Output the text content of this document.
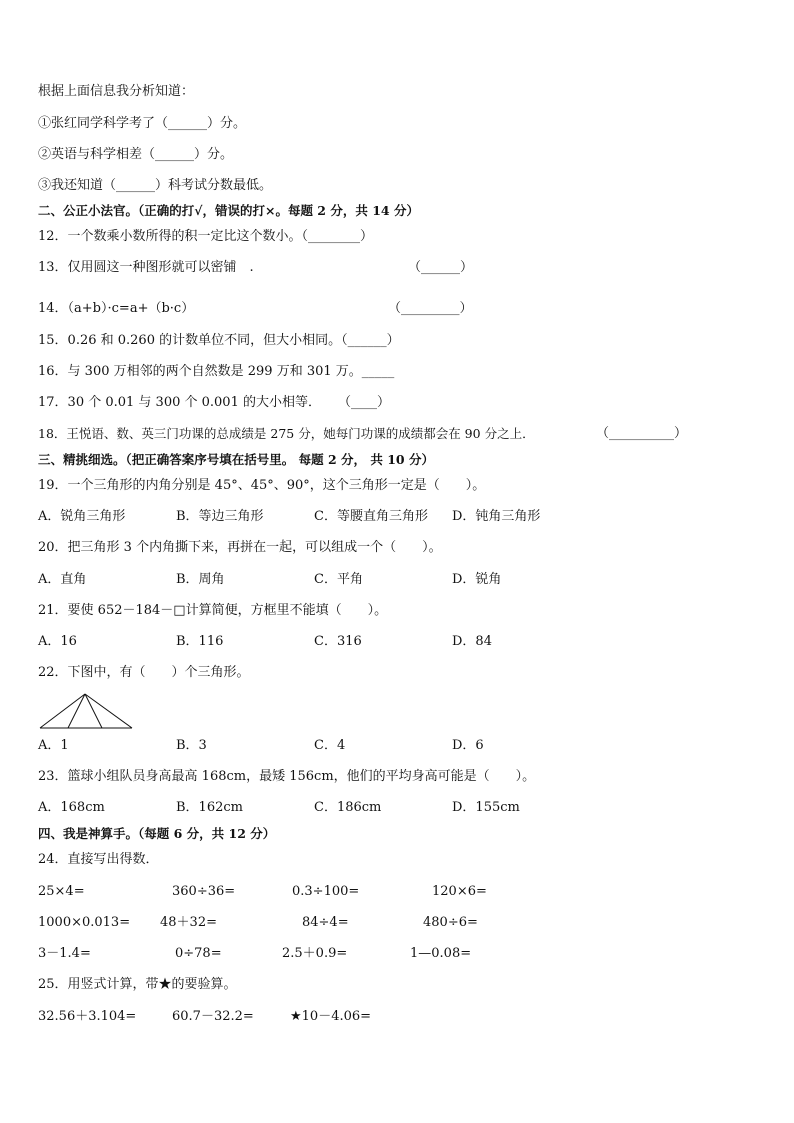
根据上面信息我分析知道：
①张红同学科学考了（______）分。
②英语与科学相差（______）分。
③我还知道（______）科考试分数最低。
二、公正小法官。（正确的打√，错误的打×。每题 2 分，共 14 分）
12．一个数乘小数所得的积一定比这个数小。（________）
13．仅用圆这一种图形就可以密铺　.	（______）
14．（a+b）·c=a+（b·c）	（_________）
15．0.26 和 0.260 的计数单位不同，但大小相同。（______）
16．与 300 万相邻的两个自然数是 299 万和 301 万。_____
17．30 个 0.01 与 300 个 0.001 的大小相等． （____）
18．王悦语、数、英三门功课的总成绩是 275 分，她每门功课的成绩都会在 90 分之上．	（__________）
三、精挑细选。（把正确答案序号填在括号里。 每题 2 分， 共 10 分）
19．一个三角形的内角分别是 45°、45°、90°，这个三角形一定是（　　）。
A．锐角三角形	B．等边三角形	C．等腰直角三角形 D．钝角三角形
20．把三角形 3 个内角撕下来，再拼在一起，可以组成一个（　　）。
A．直角	B．周角	C．平角	D．锐角
21．要使 652－184－□计算简便，方框里不能填（　　）。
A．16	B．116	C．316	D．84
22．下图中，有（　　）个三角形。
A．1	B．3	C．4	D．6
23．篮球小组队员身高最高 168cm，最矮 156cm，他们的平均身高可能是（　　）。
A．168cm	B．162cm	C．186cm	D．155cm
四、我是神算手。（每题 6 分，共 12 分）
24．直接写出得数．
25×4=	360÷36=	0.3÷100=	120×6=
1000×0.013= 48＋32=	84÷4=	480÷6=
3－1.4=	0÷78=	2.5＋0.9=	1—0.08=
25．用竖式计算，带★的要验算。
32.56＋3.104=	60.7－32.2=	★10－4.06=
